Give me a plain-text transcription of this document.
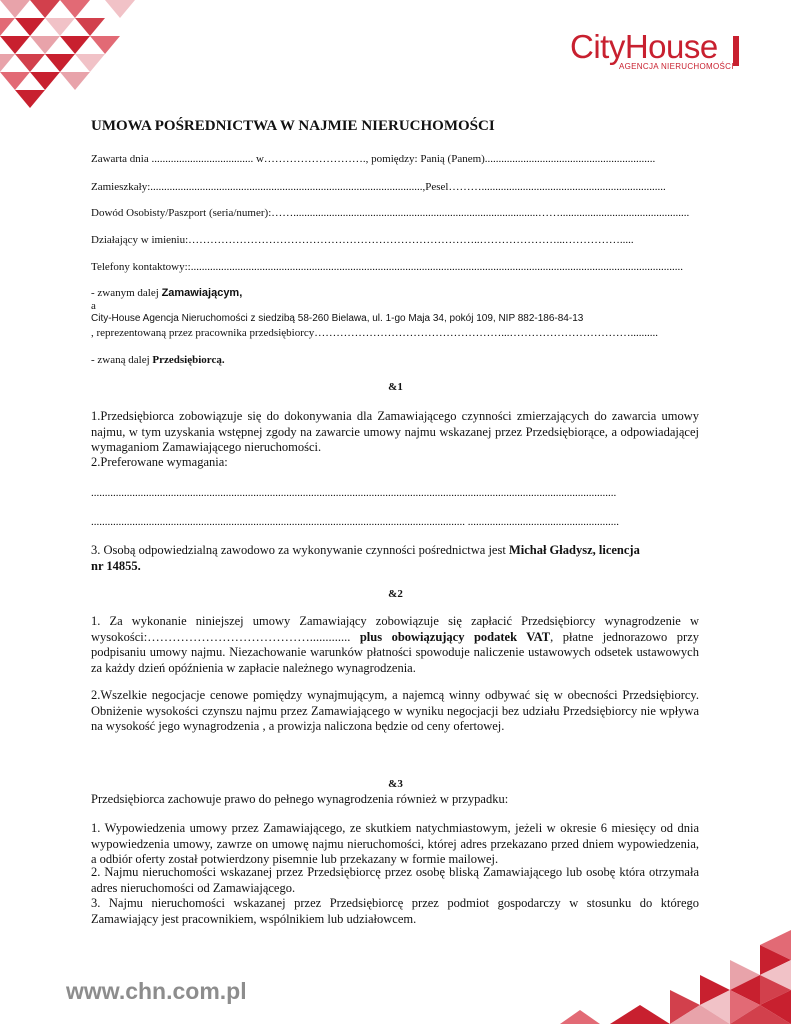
CityHouse
AGENCJA NIERUCHOMOŚCI
UMOWA POŚREDNICTWA W NAJMIE NIERUCHOMOŚCI
Zawarta dnia ..................................... w………………………., pomiędzy: Panią (Panem)..............................................................
Zamieszkały:...................................................................................................,Pesel………...................................................................
Dowód Osobisty/Paszport (seria/numer):…….........................................................................................……...............................................
Działający w imieniu:……………………………………………………………………..…………………...…………….....
Telefony kontaktowy::...................................................................................................................................................................................
- zwanym dalej Zamawiającym,
a
City-House Agencja Nieruchomości z siedzibą 58-260 Bielawa, ul. 1-go Maja 34, pokój 109, NIP 882-186-84-13
, reprezentowaną przez pracownika przedsiębiorcy……………………………………………...……………………………..........
- zwaną dalej Przedsiębiorcą.
&1
1.Przedsiębiorca zobowiązuje się do dokonywania dla Zamawiającego czynności zmierzających do zawarcia umowy najmu, w tym uzyskania wstępnej zgody na zawarcie umowy najmu wskazanej przez Przedsiębiorące, a odpowiadającej wymaganiom Zamawiającego nieruchomości.
2.Preferowane wymagania:
...............................................................................................................................................................................................
........................................................................................................................................ .......................................................
3. Osobą odpowiedzialną zawodowo za wykonywanie czynności pośrednictwa jest Michał Gładysz, licencja nr 14855.
&2
1. Za wykonanie niniejszej umowy Zamawiający zobowiązuje się zapłacić Przedsiębiorcy wynagrodzenie w wysokości:…………………………………............. plus obowiązujący podatek VAT, płatne jednorazowo przy podpisaniu umowy najmu. Niezachowanie warunków płatności spowoduje naliczenie ustawowych odsetek ustawowych za każdy dzień opóźnienia w zapłacie należnego wynagrodzenia.
2.Wszelkie negocjacje cenowe pomiędzy wynajmującym, a najemcą winny odbywać się w obecności Przedsiębiorcy. Obniżenie wysokości czynszu najmu przez Zamawiającego w wyniku negocjacji bez udziału Przedsiębiorcy nie wpływa na wysokość jego wynagrodzenia , a prowizja naliczona będzie od ceny ofertowej.
&3
Przedsiębiorca zachowuje prawo do pełnego wynagrodzenia również w przypadku:
1. Wypowiedzenia umowy przez Zamawiającego, ze skutkiem natychmiastowym, jeżeli w okresie 6 miesięcy od dnia wypowiedzenia umowy, zawrze on umowę najmu nieruchomości, której adres przekazano przed dniem wypowiedzenia, a odbiór oferty został potwierdzony pisemnie lub przekazany w formie mailowej.
2. Najmu nieruchomości wskazanej przez Przedsiębiorcę przez osobę bliską Zamawiającego lub osobę która otrzymała adres nieruchomości od Zamawiającego.
3. Najmu nieruchomości wskazanej przez Przedsiębiorcę przez podmiot gospodarczy w stosunku do którego Zamawiający jest pracownikiem, wspólnikiem lub udziałowcem.
www.chn.com.pl
